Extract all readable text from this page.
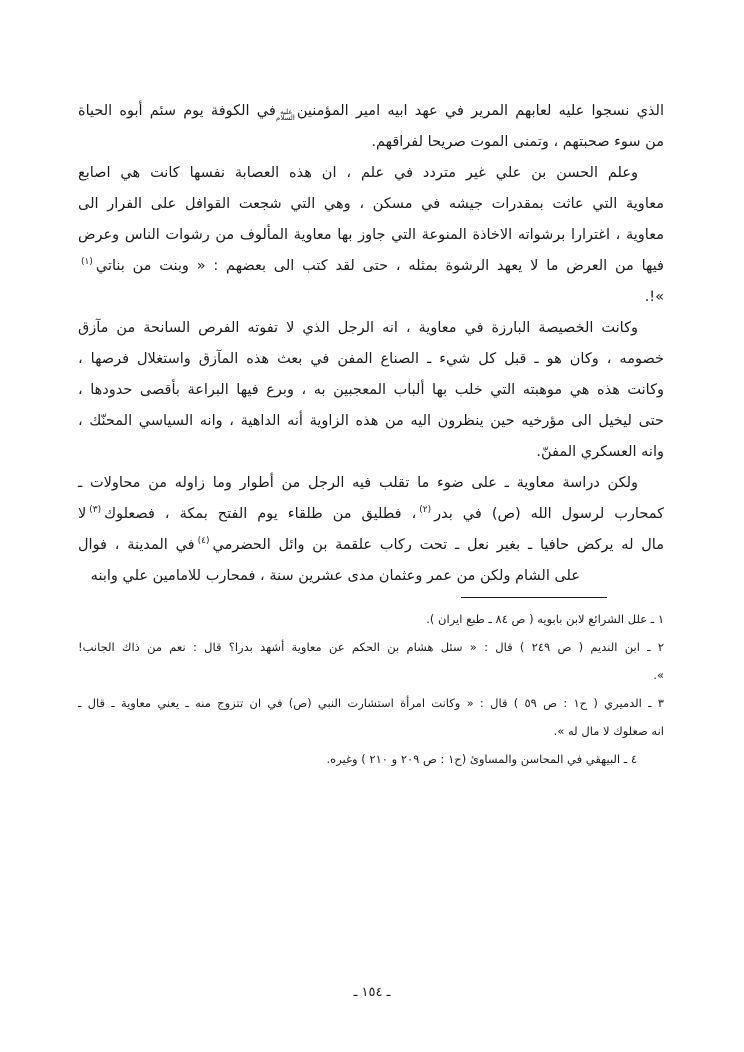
الذي نسجوا عليه لعابهم المرير في عهد ابيه امير المؤمنينعليه السلامفي الكوفة يوم سئم أبوه الحياة
من سوء صحبتهم ، وتمنى الموت صريحا لفراقهم.
وعلم الحسن بن علي غير متردد في علم ، ان هذه العصابة نفسها كانت هي اصابع
معاوية التي عاثت بمقدرات جيشه في مسكن ، وهي التي شجعت القوافل على الفرار الى
معاوية ، اغترارا برشواته الاخاذة المنوعة التي جاوز بها معاوية المألوف من رشوات الناس وعرض
فيها من العرض ما لا يعهد الرشوة بمثله ، حتى لقد كتب الى بعضهم : « وبنت من بناتي$^{(١)}$
»!.
وكانت الخصيصة البارزة في معاوية ، انه الرجل الذي لا تفوته الفرص السانحة من مآزق
خصومه ، وكان هو ـ قبل كل شيء ـ الصناع المفن في بعث هذه المآزق واستغلال فرصها ،
وكانت هذه هي موهبته التي خلب بها ألباب المعجبين به ، وبرع فيها البراعة بأقصى حدودها ،
حتى ليخيل الى مؤرخيه حين ينظرون اليه من هذه الزاوية أنه الداهية ، وانه السياسي المحنّك ،
وانه العسكري المفنّ.
ولكن دراسة معاوية ـ على ضوء ما تقلب فيه الرجل من أطوار وما زاوله من محاولات ـ
كمحارب لرسول الله (ص) في بدر$^{(٢)}$، فطليق من طلقاء يوم الفتح بمكة ، فصعلوك$^{(٣)}$لا
مال له يركض حافيا ـ بغير نعل ـ تحت ركاب علقمة بن وائل الحضرمي$^{(٤)}$في المدينة ، فوال
على الشام ولكن من عمر وعثمان مدى عشرين سنة ، فمحارب للامامين علي وابنه
١ ـ علل الشرائع لابن بابويه ( ص ٨٤ ـ طبع ايران ).
٢ ـ ابن النديم ( ص ٢٤٩ ) قال : « سئل هشام بن الحكم عن معاوية أشهد بدرا؟ قال : نعم من ذاك الجانب!
».
٣ ـ الدميري ( ح١ : ص ٥٩ ) قال : « وكانت امرأة استشارت النبي (ص) في ان تتزوج منه ـ يعني معاوية ـ قال ـ
انه صعلوك لا مال له ».
٤ ـ البيهقي في المحاسن والمساوئ (ح١ : ص ٢٠٩ و ٢١٠ ) وغيره.
ـ ١٥٤ ـ
